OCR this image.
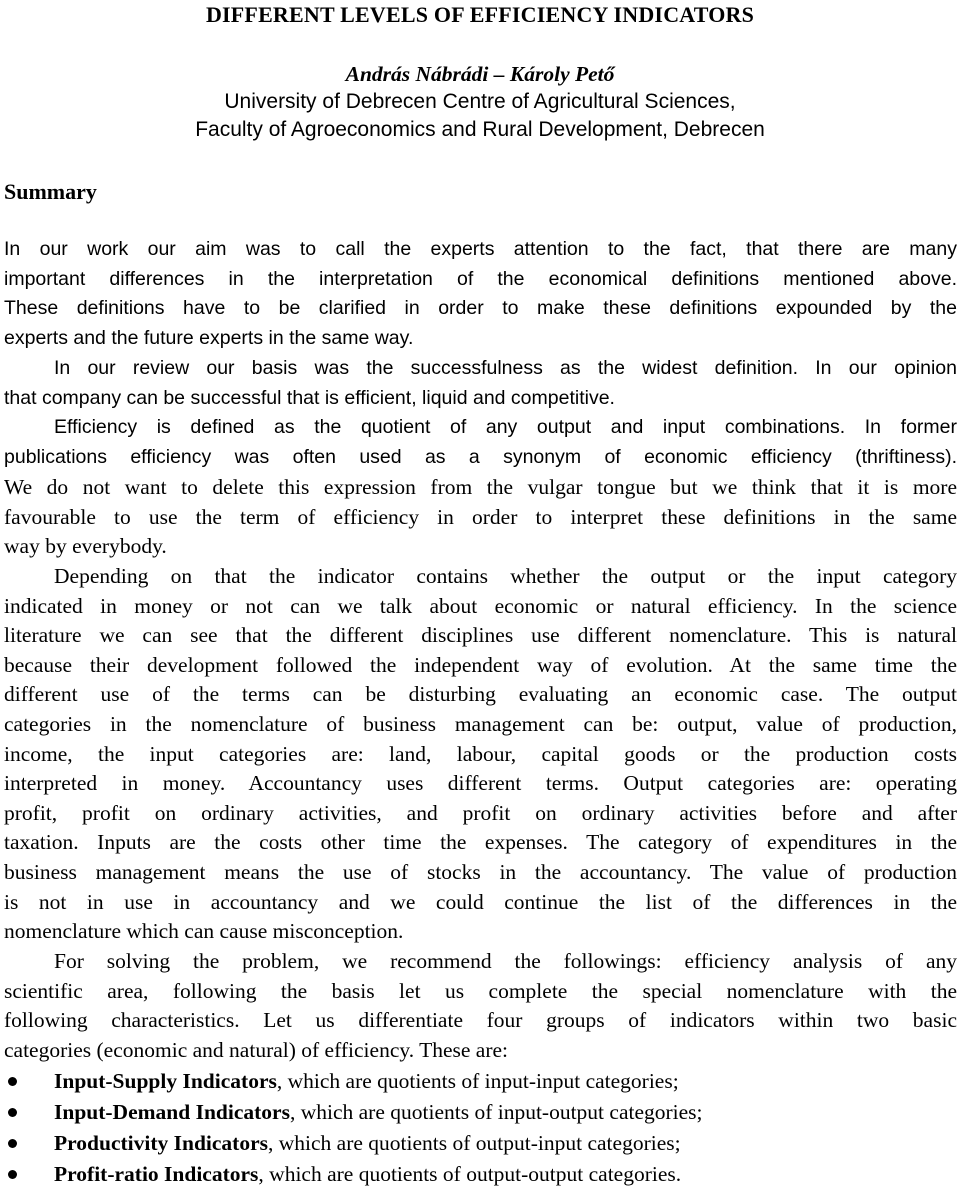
DIFFERENT LEVELS OF EFFICIENCY INDICATORS
András Nábrádi – Károly Pető
University of Debrecen Centre of Agricultural Sciences,
Faculty of Agroeconomics and Rural Development, Debrecen
Summary
In our work our aim was to call the experts attention to the fact, that there are many
important differences in the interpretation of the economical definitions mentioned above.
These definitions have to be clarified in order to make these definitions expounded by the
experts and the future experts in the same way.
In our review our basis was the successfulness as the widest definition. In our opinion
that company can be successful that is efficient, liquid and competitive.
Efficiency is defined as the quotient of any output and input combinations. In former
publications efficiency was often used as a synonym of economic efficiency (thriftiness).
We do not want to delete this expression from the vulgar tongue but we think that it is more
favourable to use the term of efficiency in order to interpret these definitions in the same
way by everybody.
Depending on that the indicator contains whether the output or the input category
indicated in money or not can we talk about economic or natural efficiency. In the science
literature we can see that the different disciplines use different nomenclature. This is natural
because their development followed the independent way of evolution. At the same time the
different use of the terms can be disturbing evaluating an economic case. The output
categories in the nomenclature of business management can be: output, value of production,
income, the input categories are: land, labour, capital goods or the production costs
interpreted in money. Accountancy uses different terms. Output categories are: operating
profit, profit on ordinary activities, and profit on ordinary activities before and after
taxation. Inputs are the costs other time the expenses. The category of expenditures in the
business management means the use of stocks in the accountancy. The value of production
is not in use in accountancy and we could continue the list of the differences in the
nomenclature which can cause misconception.
For solving the problem, we recommend the followings: efficiency analysis of any
scientific area, following the basis let us complete the special nomenclature with the
following characteristics. Let us differentiate four groups of indicators within two basic
categories (economic and natural) of efficiency. These are:
Input-Supply Indicators, which are quotients of input-input categories;
Input-Demand Indicators, which are quotients of input-output categories;
Productivity Indicators, which are quotients of output-input categories;
Profit-ratio Indicators, which are quotients of output-output categories.
